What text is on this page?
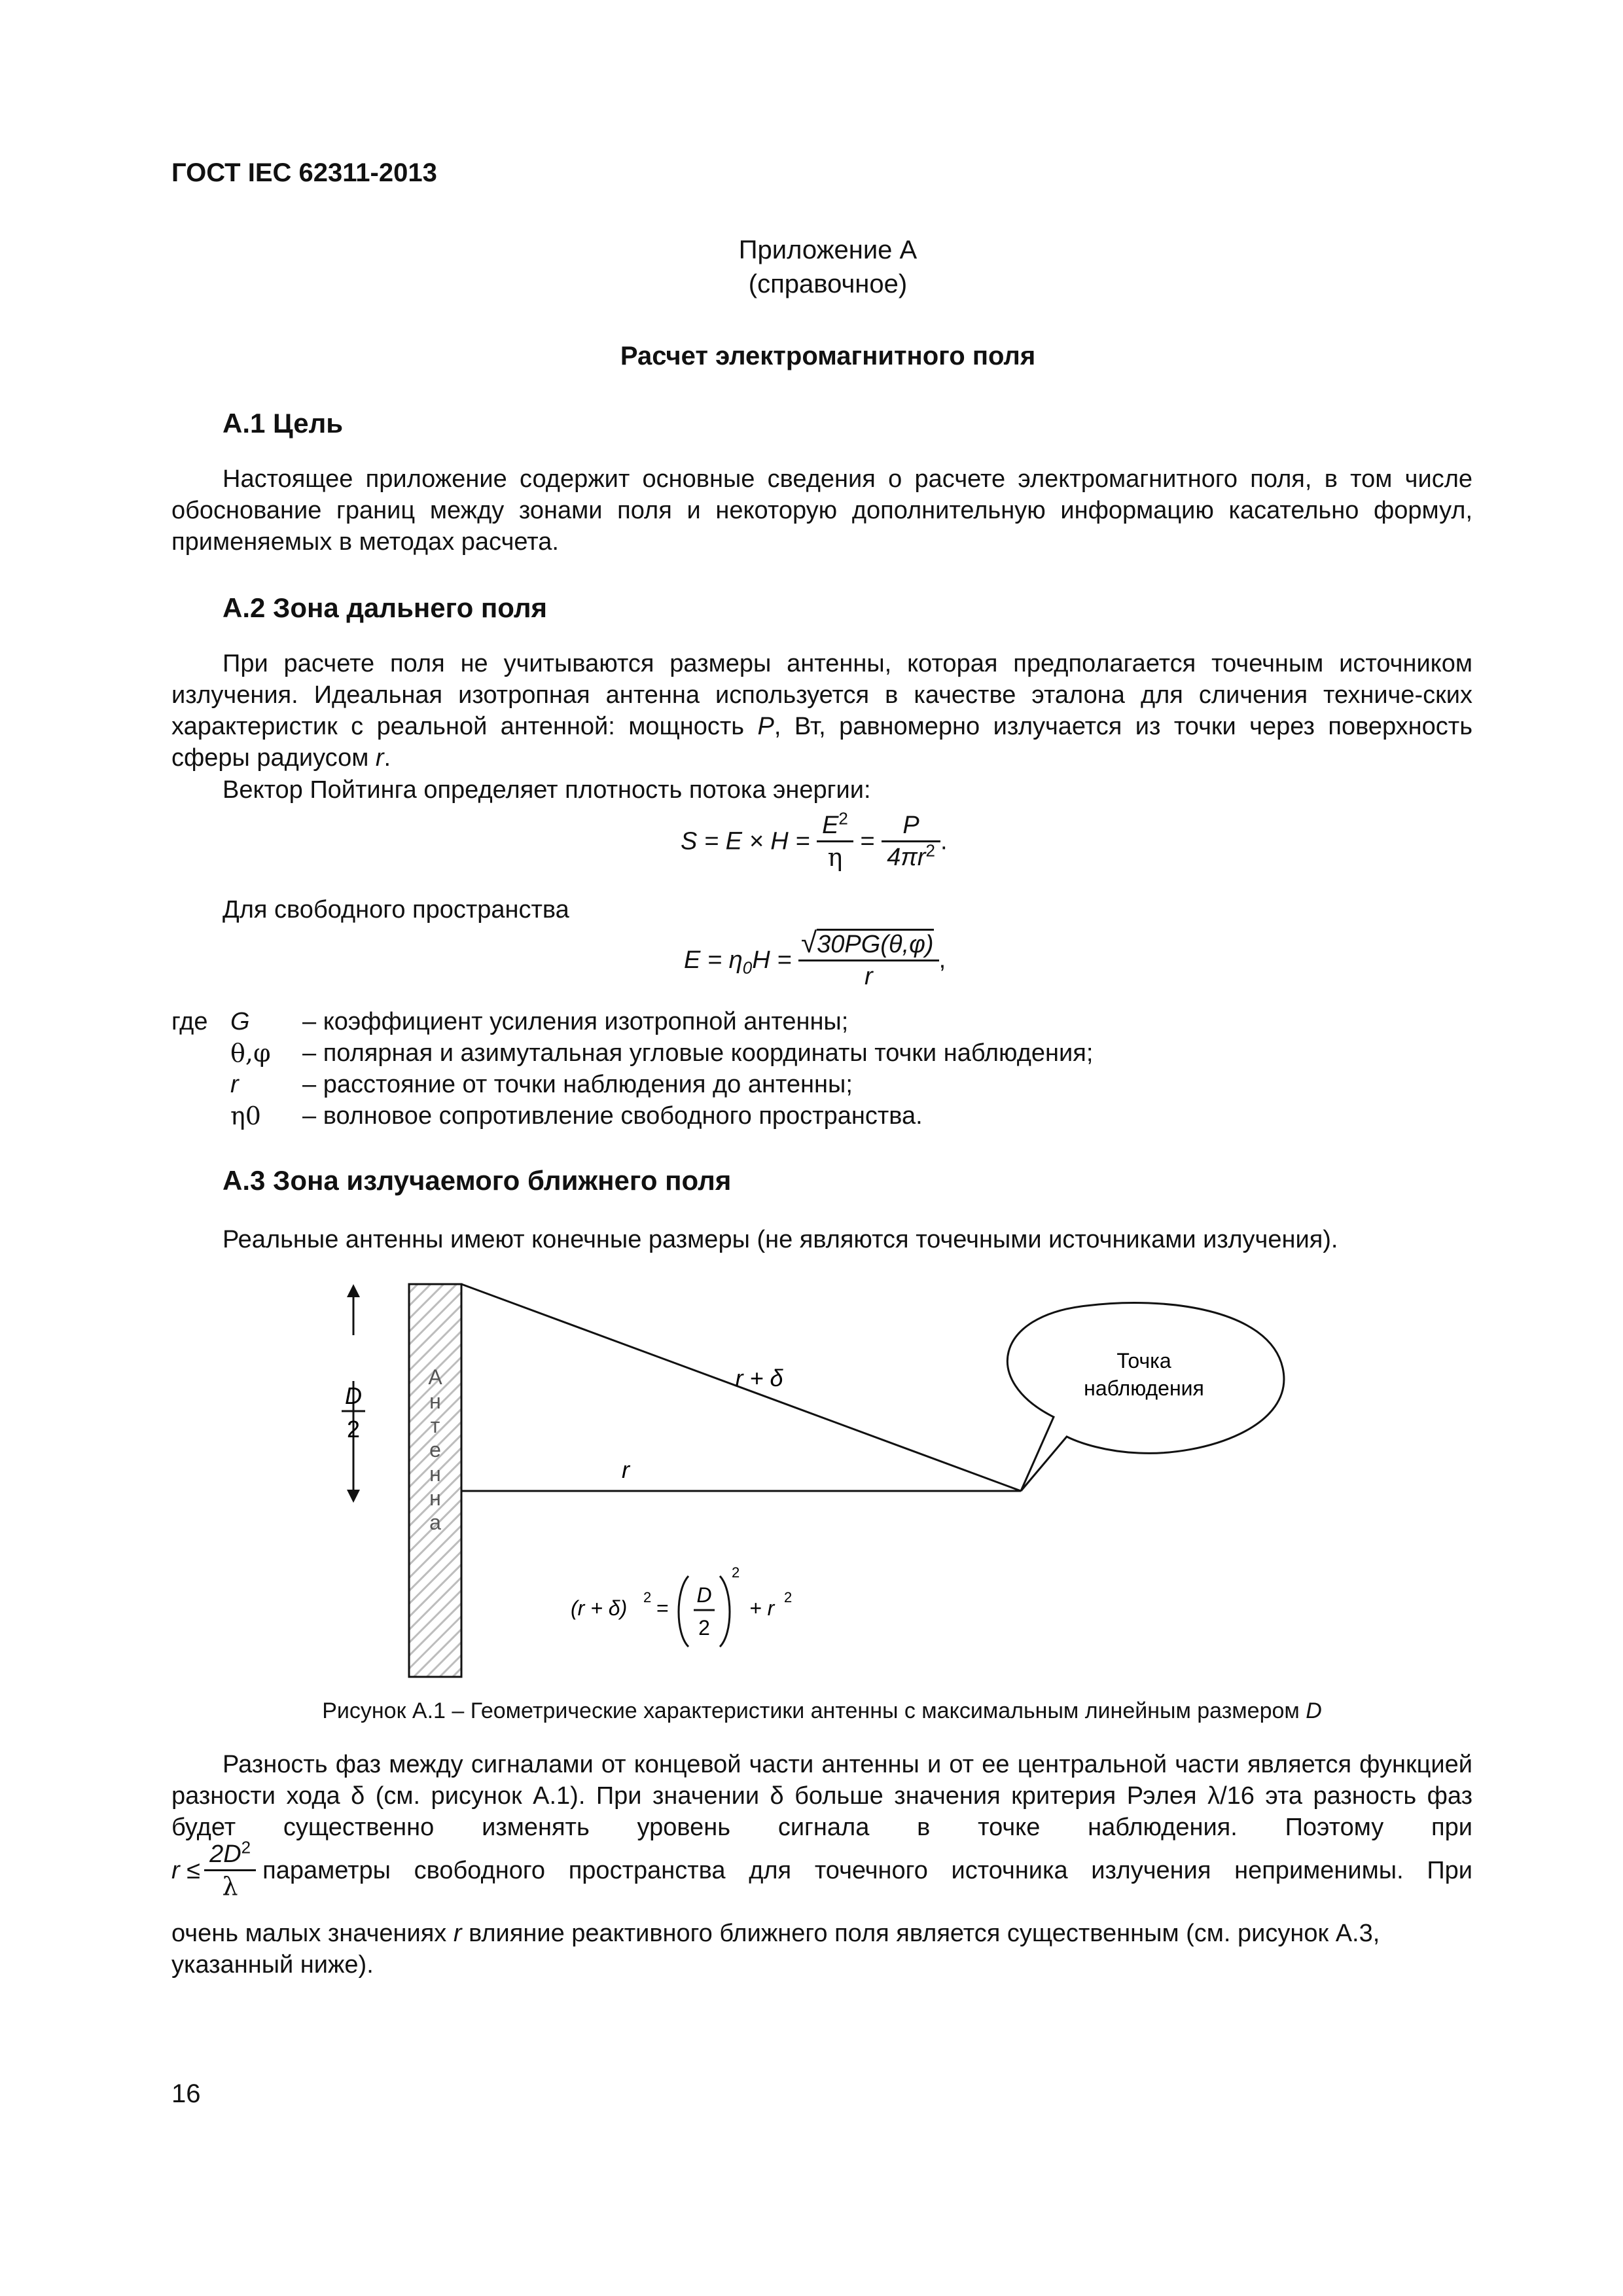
ГОСТ IEC 62311-2013
Приложение А
(справочное)
Расчет электромагнитного поля
А.1 Цель
Настоящее приложение содержит основные сведения о расчете электромагнитного поля, в том числе обоснование границ между зонами поля и некоторую дополнительную информацию касательно формул, применяемых в методах расчета.
А.2 Зона дальнего поля
При расчете поля не учитываются размеры антенны, которая предполагается точечным источником излучения. Идеальная изотропная антенна используется в качестве эталона для сличения техниче-ских характеристик с реальной антенной: мощность P, Вт, равномерно излучается из точки через поверхность сферы радиусом r.
Вектор Пойтинга определяет плотность потока энергии:
$S = E \times H = \frac{E^2}{\eta} = \frac{P}{4\pi r^2}$ .
Для свободного пространства
$E = \eta_0H = \frac{√30PG(\theta,\varphi)}{r}$ ,
где G	– коэффициент усиления изотропной антенны;
θ,φ	– полярная и азимутальная угловые координаты точки наблюдения;
r	– расстояние от точки наблюдения до антенны;
η0	– волновое сопротивление свободного пространства.
А.3 Зона излучаемого ближнего поля
Реальные антенны имеют конечные размеры (не являются точечными источниками излучения).
D
2
А
н
т
е
н
н
а
r + δ
r
Точка
наблюдения
(r + δ) 2 =
D
2
2
+ r 2
Рисунок А.1 – Геометрические характеристики антенны с максимальным линейным размером D
Разность фаз между сигналами от концевой части антенны и от ее центральной части является функцией разности хода δ (см. рисунок А.1). При значении δ больше значения критерия Рэлея λ/16 эта разность фаз будет существенно изменять уровень сигнала в точке наблюдения. Поэтому при
$r \le \frac{2D^2}{\lambda}$ параметры свободного пространства для точечного источника излучения неприменимы. При
очень малых значениях r влияние реактивного ближнего поля является существенным (см. рисунок А.3, указанный ниже).
16
